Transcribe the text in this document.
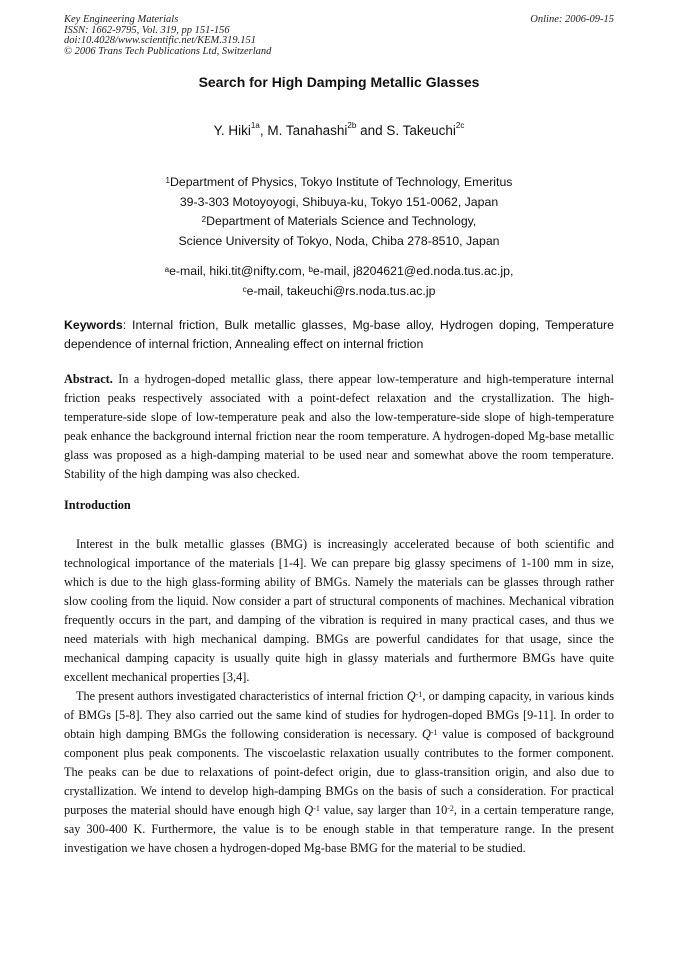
Key Engineering Materials
ISSN: 1662-9795, Vol. 319, pp 151-156
doi:10.4028/www.scientific.net/KEM.319.151
© 2006 Trans Tech Publications Ltd, Switzerland
Online: 2006-09-15
Search for High Damping Metallic Glasses
Y. Hiki$^{1a}$, M. Tanahashi$^{2b}$ and S. Takeuchi$^{2c}$
$^1$Department of Physics, Tokyo Institute of Technology, Emeritus
39-3-303 Motoyoyogi, Shibuya-ku, Tokyo 151-0062, Japan
$^2$Department of Materials Science and Technology,
Science University of Tokyo, Noda, Chiba 278-8510, Japan
$^a$e-mail, hiki.tit@nifty.com, $^b$e-mail, j8204621@ed.noda.tus.ac.jp,
$^c$e-mail, takeuchi@rs.noda.tus.ac.jp
Keywords: Internal friction, Bulk metallic glasses, Mg-base alloy, Hydrogen doping, Temperature dependence of internal friction, Annealing effect on internal friction
Abstract. In a hydrogen-doped metallic glass, there appear low-temperature and high-temperature internal friction peaks respectively associated with a point-defect relaxation and the crystallization. The high-temperature-side slope of low-temperature peak and also the low-temperature-side slope of high-temperature peak enhance the background internal friction near the room temperature. A hydrogen-doped Mg-base metallic glass was proposed as a high-damping material to be used near and somewhat above the room temperature. Stability of the high damping was also checked.
Introduction

Interest in the bulk metallic glasses (BMG) is increasingly accelerated because of both scientific and technological importance of the materials [1-4]. We can prepare big glassy specimens of 1-100 mm in size, which is due to the high glass-forming ability of BMGs. Namely the materials can be glasses through rather slow cooling from the liquid. Now consider a part of structural components of machines. Mechanical vibration frequently occurs in the part, and damping of the vibration is required in many practical cases, and thus we need materials with high mechanical damping. BMGs are powerful candidates for that usage, since the mechanical damping capacity is usually quite high in glassy materials and furthermore BMGs have quite excellent mechanical properties [3,4].

The present authors investigated characteristics of internal friction $Q^{-1}$, or damping capacity, in various kinds of BMGs [5-8]. They also carried out the same kind of studies for hydrogen-doped BMGs [9-11]. In order to obtain high damping BMGs the following consideration is necessary. $Q^{-1}$ value is composed of background component plus peak components. The viscoelastic relaxation usually contributes to the former component. The peaks can be due to relaxations of point-defect origin, due to glass-transition origin, and also due to crystallization. We intend to develop high-damping BMGs on the basis of such a consideration. For practical purposes the material should have enough high $Q^{-1}$ value, say larger than $10^{-2}$, in a certain temperature range, say 300-400 K. Furthermore, the value is to be enough stable in that temperature range. In the present investigation we have chosen a hydrogen-doped Mg-base BMG for the material to be studied.
